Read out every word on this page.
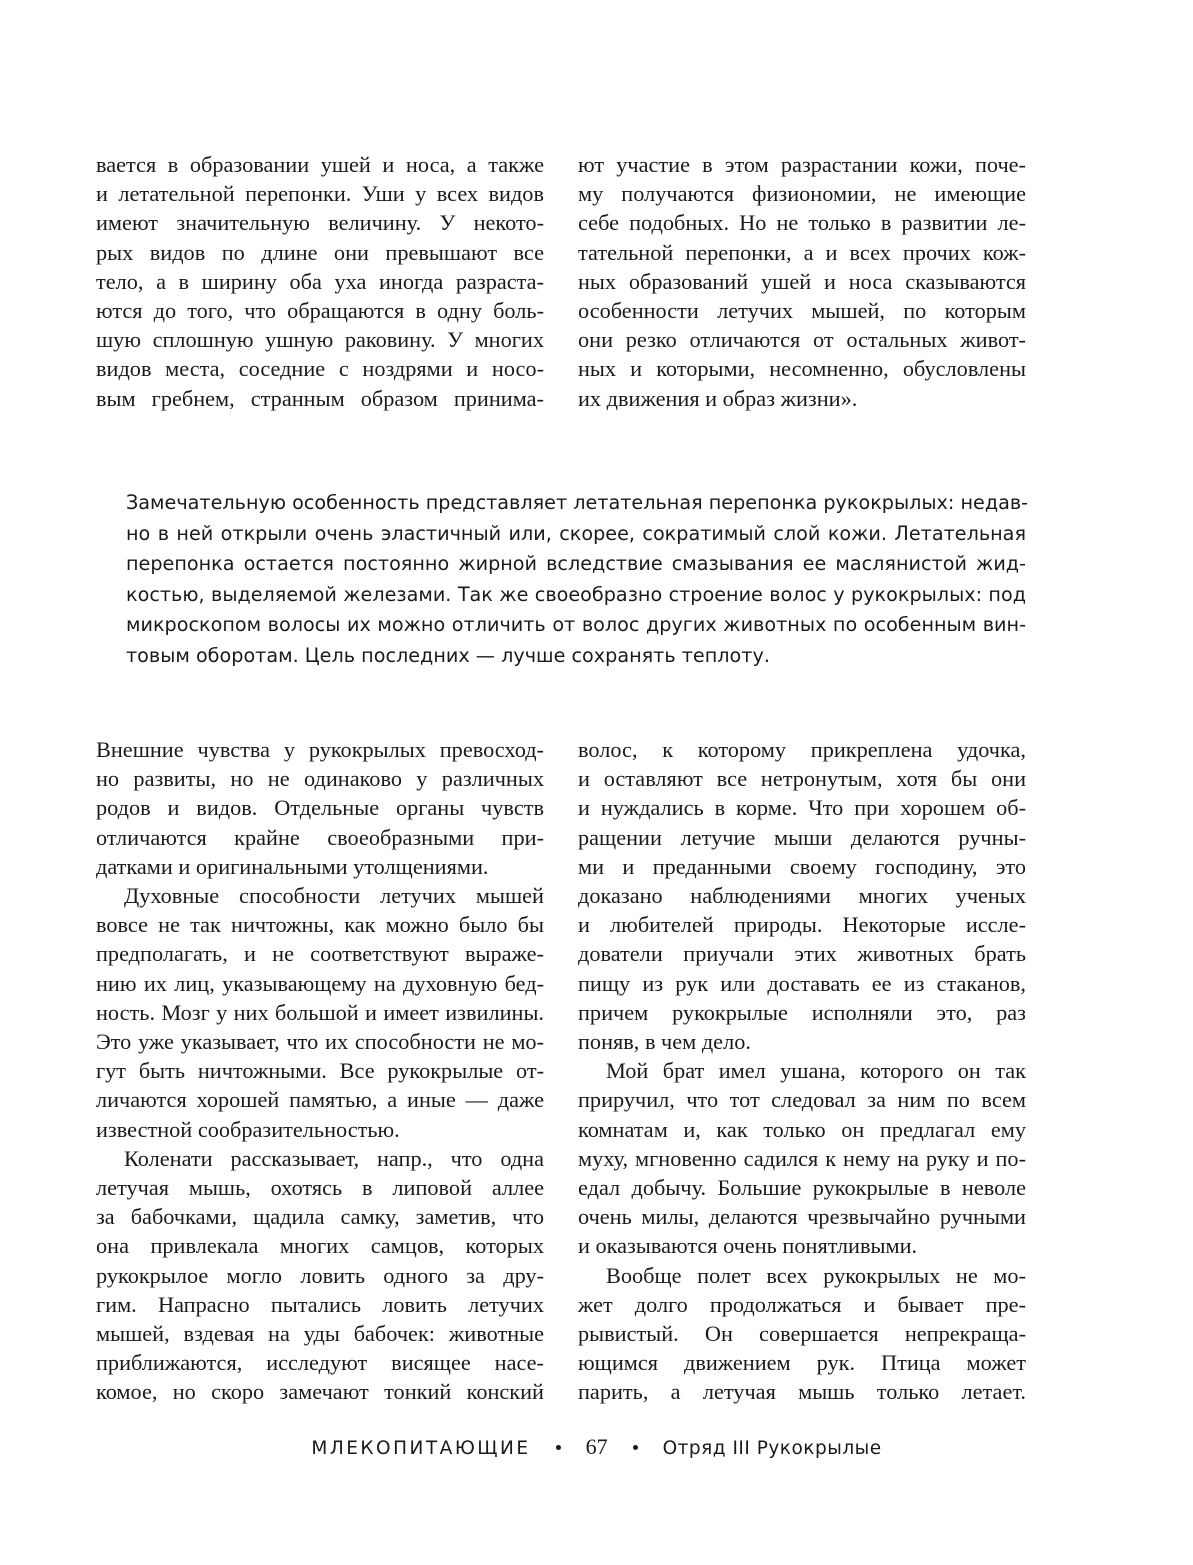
вается в образовании ушей и носа, а также
и летательной перепонки. Уши у всех видов
имеют значительную величину. У некото-
рых видов по длине они превышают все
тело, а в ширину оба уха иногда разраста-
ются до того, что обращаются в одну боль-
шую сплошную ушную раковину. У многих
видов места, соседние с ноздрями и носо-
вым гребнем, странным образом принима-

ют участие в этом разрастании кожи, поче-
му получаются физиономии, не имеющие
себе подобных. Но не только в развитии ле-
тательной перепонки, а и всех прочих кож-
ных образований ушей и носа сказываются
особенности летучих мышей, по которым
они резко отличаются от остальных живот-
ных и которыми, несомненно, обусловлены
их движения и образ жизни».

Замечательную особенность представляет летательная перепонка рукокрылых: недав-
но в ней открыли очень эластичный или, скорее, сократимый слой кожи. Летательная
перепонка остается постоянно жирной вследствие смазывания ее маслянистой жид-
костью, выделяемой железами. Так же своеобразно строение волос у рукокрылых: под
микроскопом волосы их можно отличить от волос других животных по особенным вин-
товым оборотам. Цель последних — лучше сохранять теплоту.

Внешние чувства у рукокрылых превосход-
но развиты, но не одинаково у различных
родов и видов. Отдельные органы чувств
отличаются крайне своеобразными при-
датками и оригинальными утолщениями.

Духовные способности летучих мышей
вовсе не так ничтожны, как можно было бы
предполагать, и не соответствуют выраже-
нию их лиц, указывающему на духовную бед-
ность. Мозг у них большой и имеет извилины.
Это уже указывает, что их способности не мо-
гут быть ничтожными. Все рукокрылые от-
личаются хорошей памятью, а иные — даже
известной сообразительностью.

Коленати рассказывает, напр., что одна
летучая мышь, охотясь в липовой аллее
за бабочками, щадила самку, заметив, что
она привлекала многих самцов, которых
рукокрылое могло ловить одного за дру-
гим. Напрасно пытались ловить летучих
мышей, вздевая на уды бабочек: животные
приближаются, исследуют висящее насе-
комое, но скоро замечают тонкий конский

волос, к которому прикреплена удочка,
и оставляют все нетронутым, хотя бы они
и нуждались в корме. Что при хорошем об-
ращении летучие мыши делаются ручны-
ми и преданными своему господину, это
доказано наблюдениями многих ученых
и любителей природы. Некоторые иссле-
дователи приучали этих животных брать
пищу из рук или доставать ее из стаканов,
причем рукокрылые исполняли это, раз
поняв, в чем дело.

Мой брат имел ушана, которого он так
приручил, что тот следовал за ним по всем
комнатам и, как только он предлагал ему
муху, мгновенно садился к нему на руку и по-
едал добычу. Большие рукокрылые в неволе
очень милы, делаются чрезвычайно ручными
и оказываются очень понятливыми.

Вообще полет всех рукокрылых не мо-
жет долго продолжаться и бывает пре-
рывистый. Он совершается непрекраща-
ющимся движением рук. Птица может
парить, а летучая мышь только летает.

МЛЕКОПИТАЮЩИЕ	67	Отряд III Рукокрылые
